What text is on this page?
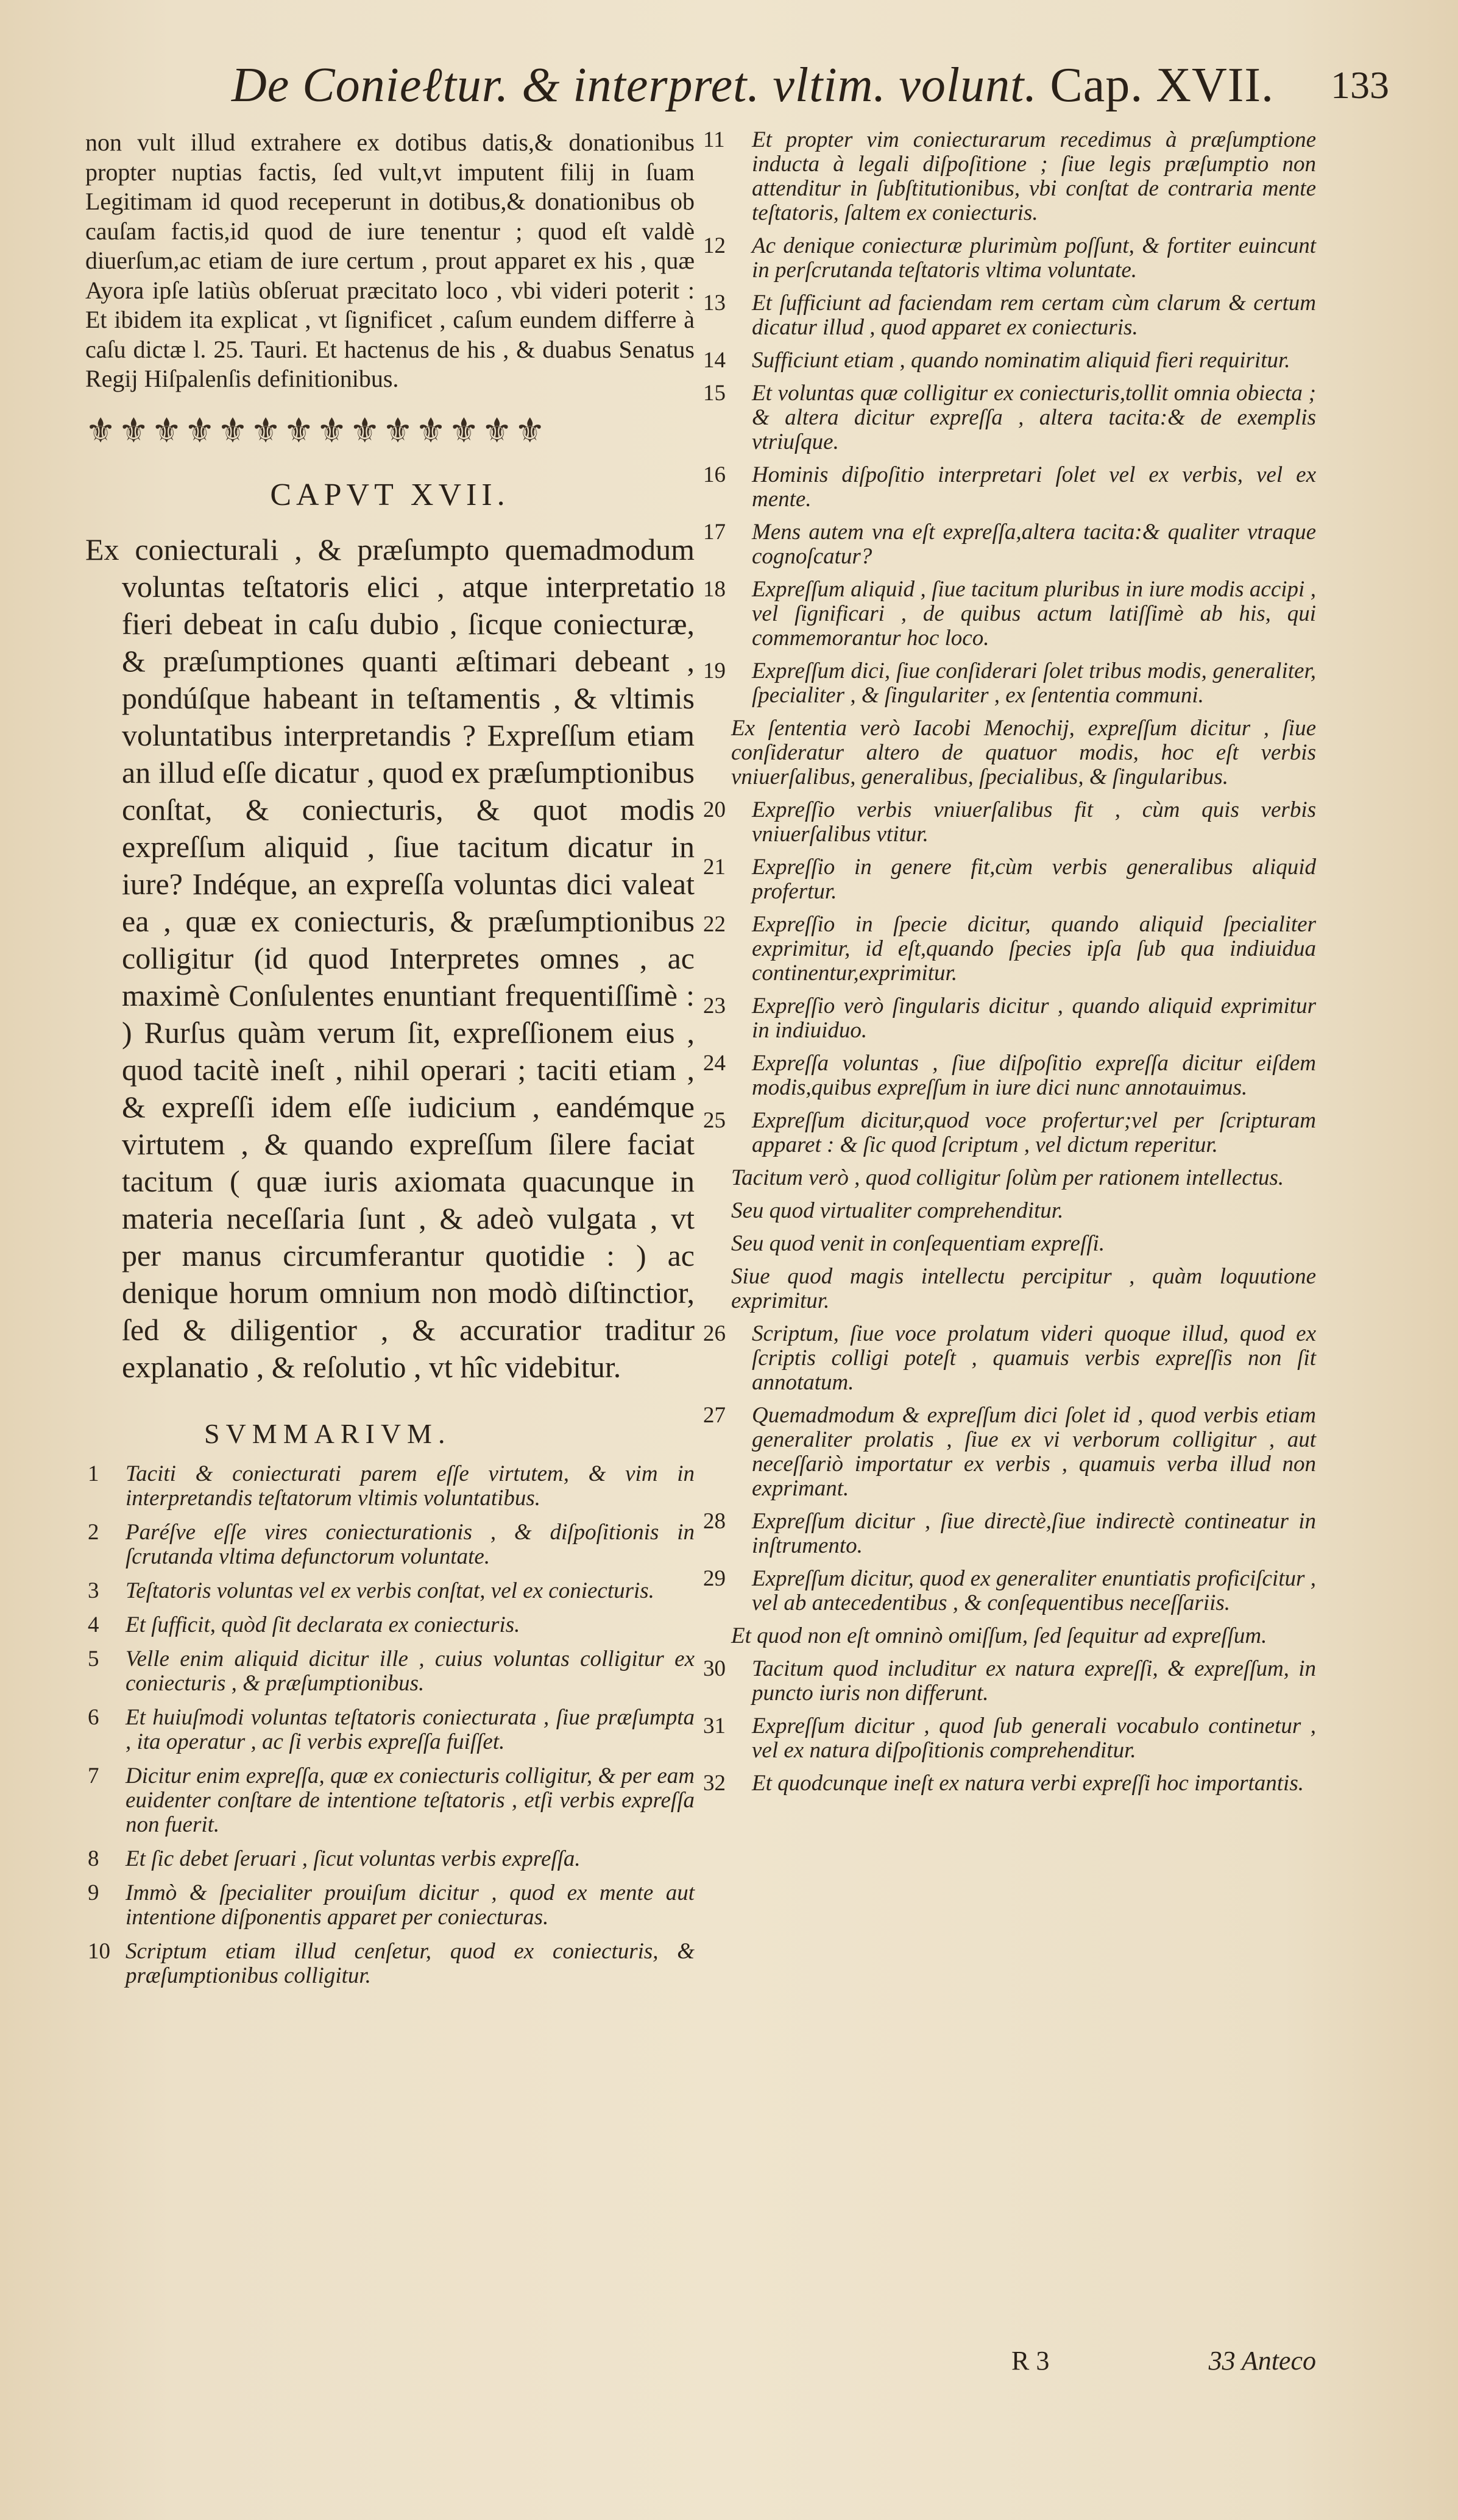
De Conieℓtur. & interpret. vltim. volunt. Cap. XVII. 133

non vult illud extrahere ex dotibus datis,& donationibus propter nuptias factis, ſed vult,vt imputent filij in ſuam Legitimam id quod receperunt in dotibus,& donationibus ob cauſam factis,id quod de iure tenentur ; quod eſt valdè diuerſum,ac etiam de iure certum , prout apparet ex his , quæ Ayora ipſe latiùs obſeruat præcitato loco , vbi videri poterit : Et ibidem ita explicat , vt ſignificet , caſum eundem differre à caſu dictæ l. 25. Tauri. Et hactenus de his , & duabus Senatus Regij Hiſpalenſis definitionibus.

⚜⚜⚜⚜⚜⚜⚜⚜⚜⚜⚜⚜⚜⚜
CAPVT XVII.
Ex coniecturali , & præſumpto quemadmodum voluntas teſtatoris elici , atque interpretatio fieri debeat in caſu dubio , ſicque coniecturæ, & præſumptiones quanti æſtimari debeant , pondúſque habeant in teſtamentis , & vltimis voluntatibus interpretandis ? Expreſſum etiam an illud eſſe dicatur , quod ex præſumptionibus conſtat, & coniecturis, & quot modis expreſſum aliquid , ſiue tacitum dicatur in iure? Indéque, an expreſſa voluntas dici valeat ea , quæ ex coniecturis, & præſumptionibus colligitur (id quod Interpretes omnes , ac maximè Conſulentes enuntiant frequentiſſimè : ) Rurſus quàm verum ſit, expreſſionem eius , quod tacitè ineſt , nihil operari ; taciti etiam , & expreſſi idem eſſe iudicium , eandémque virtutem , & quando expreſſum ſilere faciat tacitum ( quæ iuris axiomata quacunque in materia neceſſaria ſunt , & adeò vulgata , vt per manus circumferantur quotidie : ) ac denique horum omnium non modò diſtinctior, ſed & diligentior , & accuratior traditur explanatio , & reſolutio , vt hîc videbitur.
SVMMARIVM.
1	Taciti & coniecturati parem eſſe virtutem, & vim in interpretandis teſtatorum vltimis voluntatibus.
2	Paréſve eſſe vires coniecturationis , & diſpoſitionis in ſcrutanda vltima defunctorum voluntate.
3	Teſtatoris voluntas vel ex verbis conſtat, vel ex coniecturis.
4	Et ſufficit, quòd ſit declarata ex coniecturis.
5	Velle enim aliquid dicitur ille , cuius voluntas colligitur ex coniecturis , & præſumptionibus.
6	Et huiuſmodi voluntas teſtatoris coniecturata , ſiue præſumpta , ita operatur , ac ſi verbis expreſſa fuiſſet.
7	Dicitur enim expreſſa, quæ ex coniecturis colligitur, & per eam euidenter conſtare de intentione teſtatoris , etſi verbis expreſſa non fuerit.
8	Et ſic debet ſeruari , ſicut voluntas verbis expreſſa.
9	Immò & ſpecialiter prouiſum dicitur , quod ex mente aut intentione diſponentis apparet per coniecturas.
10 Scriptum etiam illud cenſetur, quod ex coniecturis, & præſumptionibus colligitur.
11	Et propter vim coniecturarum recedimus à præſumptione inducta à legali diſpoſitione ; ſiue legis præſumptio non attenditur in ſubſtitutionibus, vbi conſtat de contraria mente teſtatoris, ſaltem ex coniecturis.
12	Ac denique coniecturæ plurimùm poſſunt, & fortiter euincunt in perſcrutanda teſtatoris vltima voluntate.
13	Et ſufficiunt ad faciendam rem certam cùm clarum & certum dicatur illud , quod apparet ex coniecturis.
14	Sufficiunt etiam , quando nominatim aliquid fieri requiritur.
15	Et voluntas quæ colligitur ex coniecturis,tollit omnia obiecta ; & altera dicitur expreſſa , altera tacita:& de exemplis vtriuſque.
16	Hominis diſpoſitio interpretari ſolet vel ex verbis, vel ex mente.
17	Mens autem vna eſt expreſſa,altera tacita:& qualiter vtraque cognoſcatur?
18	Expreſſum aliquid , ſiue tacitum pluribus in iure modis accipi , vel ſignificari , de quibus actum latiſſimè ab his, qui commemorantur hoc loco.
19	Expreſſum dici, ſiue conſiderari ſolet tribus modis, generaliter, ſpecialiter , & ſingulariter , ex ſententia communi.
Ex ſententia verò Iacobi Menochij, expreſſum dicitur , ſiue conſideratur altero de quatuor modis, hoc eſt verbis vniuerſalibus, generalibus, ſpecialibus, & ſingularibus.
20	Expreſſio verbis vniuerſalibus fit , cùm quis verbis vniuerſalibus vtitur.
21	Expreſſio in genere fit,cùm verbis generalibus aliquid profertur.
22	Expreſſio in ſpecie dicitur, quando aliquid ſpecialiter exprimitur, id eſt,quando ſpecies ipſa ſub qua indiuidua continentur,exprimitur.
23	Expreſſio verò ſingularis dicitur , quando aliquid exprimitur in indiuiduo.
24	Expreſſa voluntas , ſiue diſpoſitio expreſſa dicitur eiſdem modis,quibus expreſſum in iure dici nunc annotauimus.
25	Expreſſum dicitur,quod voce profertur;vel per ſcripturam apparet : & ſic quod ſcriptum , vel dictum reperitur.
Tacitum verò , quod colligitur ſolùm per rationem intellectus.
Seu quod virtualiter comprehenditur.
Seu quod venit in conſequentiam expreſſi.
Siue quod magis intellectu percipitur , quàm loquutione exprimitur.
26	Scriptum, ſiue voce prolatum videri quoque illud, quod ex ſcriptis colligi poteſt , quamuis verbis expreſſis non ſit annotatum.
27	Quemadmodum & expreſſum dici ſolet id , quod verbis etiam generaliter prolatis , ſiue ex vi verborum colligitur , aut neceſſariò importatur ex verbis , quamuis verba illud non exprimant.
28	Expreſſum dicitur , ſiue directè,ſiue indirectè contineatur in inſtrumento.
29	Expreſſum dicitur, quod ex generaliter enuntiatis proficiſcitur , vel ab antecedentibus , & conſequentibus neceſſariis.
Et quod non eſt omninò omiſſum, ſed ſequitur ad expreſſum.
30	Tacitum quod includitur ex natura expreſſi, & expreſſum, in puncto iuris non differunt.
31	Expreſſum dicitur , quod ſub generali vocabulo continetur , vel ex natura diſpoſitionis comprehenditur.
32	Et quodcunque ineſt ex natura verbi expreſſi hoc importantis.
R 3	33 Anteco
